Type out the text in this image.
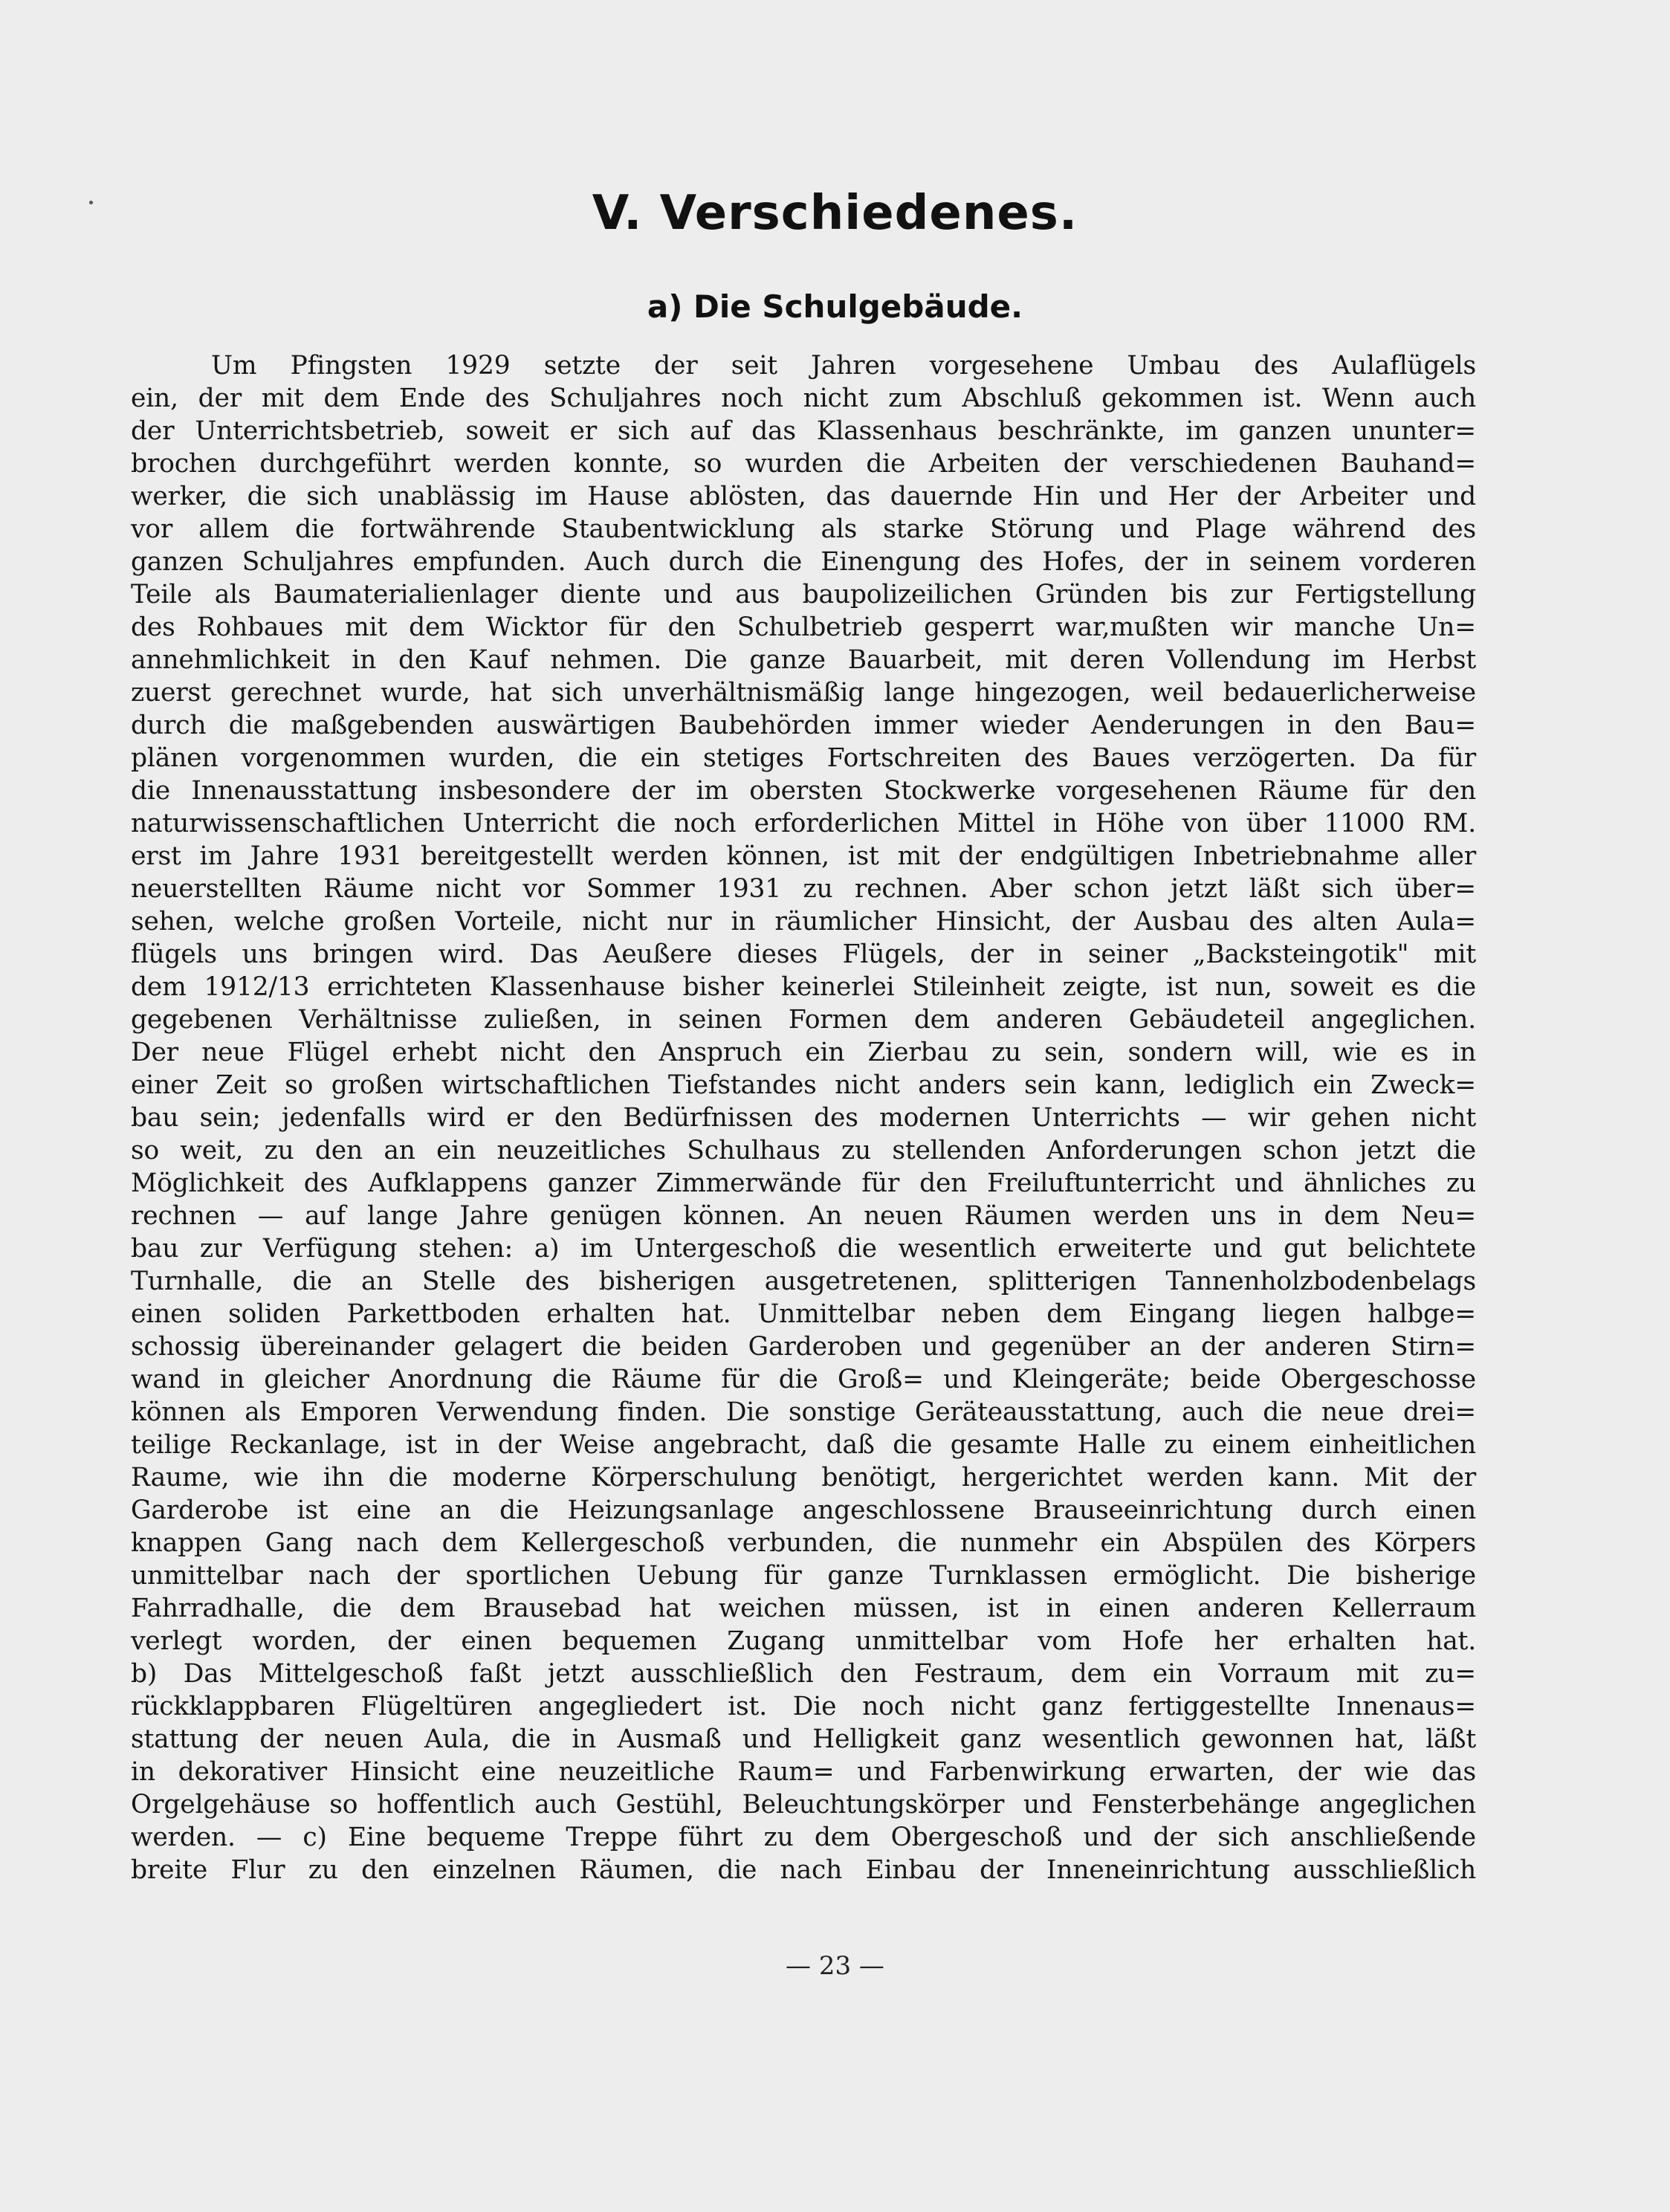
V. Verschiedenes.
a) Die Schulgebäude.
Um Pfingsten 1929 setzte der seit Jahren vorgesehene Umbau des Aulaflügels
ein, der mit dem Ende des Schuljahres noch nicht zum Abschluß gekommen ist. Wenn auch
der Unterrichtsbetrieb, soweit er sich auf das Klassenhaus beschränkte, im ganzen ununter=
brochen durchgeführt werden konnte, so wurden die Arbeiten der verschiedenen Bauhand=
werker, die sich unablässig im Hause ablösten, das dauernde Hin und Her der Arbeiter und
vor allem die fortwährende Staubentwicklung als starke Störung und Plage während des
ganzen Schuljahres empfunden. Auch durch die Einengung des Hofes, der in seinem vorderen
Teile als Baumaterialienlager diente und aus baupolizeilichen Gründen bis zur Fertigstellung
des Rohbaues mit dem Wicktor für den Schulbetrieb gesperrt war,mußten wir manche Un=
annehmlichkeit in den Kauf nehmen. Die ganze Bauarbeit, mit deren Vollendung im Herbst
zuerst gerechnet wurde, hat sich unverhältnismäßig lange hingezogen, weil bedauerlicherweise
durch die maßgebenden auswärtigen Baubehörden immer wieder Aenderungen in den Bau=
plänen vorgenommen wurden, die ein stetiges Fortschreiten des Baues verzögerten. Da für
die Innenausstattung insbesondere der im obersten Stockwerke vorgesehenen Räume für den
naturwissenschaftlichen Unterricht die noch erforderlichen Mittel in Höhe von über 11000 RM.
erst im Jahre 1931 bereitgestellt werden können, ist mit der endgültigen Inbetriebnahme aller
neuerstellten Räume nicht vor Sommer 1931 zu rechnen. Aber schon jetzt läßt sich über=
sehen, welche großen Vorteile, nicht nur in räumlicher Hinsicht, der Ausbau des alten Aula=
flügels uns bringen wird. Das Aeußere dieses Flügels, der in seiner „Backsteingotik" mit
dem 1912/13 errichteten Klassenhause bisher keinerlei Stileinheit zeigte, ist nun, soweit es die
gegebenen Verhältnisse zuließen, in seinen Formen dem anderen Gebäudeteil angeglichen.
Der neue Flügel erhebt nicht den Anspruch ein Zierbau zu sein, sondern will, wie es in
einer Zeit so großen wirtschaftlichen Tiefstandes nicht anders sein kann, lediglich ein Zweck=
bau sein; jedenfalls wird er den Bedürfnissen des modernen Unterrichts — wir gehen nicht
so weit, zu den an ein neuzeitliches Schulhaus zu stellenden Anforderungen schon jetzt die
Möglichkeit des Aufklappens ganzer Zimmerwände für den Freiluftunterricht und ähnliches zu
rechnen — auf lange Jahre genügen können. An neuen Räumen werden uns in dem Neu=
bau zur Verfügung stehen: a) im Untergeschoß die wesentlich erweiterte und gut belichtete
Turnhalle, die an Stelle des bisherigen ausgetretenen, splitterigen Tannenholzbodenbelags
einen soliden Parkettboden erhalten hat. Unmittelbar neben dem Eingang liegen halbge=
schossig übereinander gelagert die beiden Garderoben und gegenüber an der anderen Stirn=
wand in gleicher Anordnung die Räume für die Groß= und Kleingeräte; beide Obergeschosse
können als Emporen Verwendung finden. Die sonstige Geräteausstattung, auch die neue drei=
teilige Reckanlage, ist in der Weise angebracht, daß die gesamte Halle zu einem einheitlichen
Raume, wie ihn die moderne Körperschulung benötigt, hergerichtet werden kann. Mit der
Garderobe ist eine an die Heizungsanlage angeschlossene Brauseeinrichtung durch einen
knappen Gang nach dem Kellergeschoß verbunden, die nunmehr ein Abspülen des Körpers
unmittelbar nach der sportlichen Uebung für ganze Turnklassen ermöglicht. Die bisherige
Fahrradhalle, die dem Brausebad hat weichen müssen, ist in einen anderen Kellerraum
verlegt worden, der einen bequemen Zugang unmittelbar vom Hofe her erhalten hat.
b) Das Mittelgeschoß faßt jetzt ausschließlich den Festraum, dem ein Vorraum mit zu=
rückklappbaren Flügeltüren angegliedert ist. Die noch nicht ganz fertiggestellte Innenaus=
stattung der neuen Aula, die in Ausmaß und Helligkeit ganz wesentlich gewonnen hat, läßt
in dekorativer Hinsicht eine neuzeitliche Raum= und Farbenwirkung erwarten, der wie das
Orgelgehäuse so hoffentlich auch Gestühl, Beleuchtungskörper und Fensterbehänge angeglichen
werden. — c) Eine bequeme Treppe führt zu dem Obergeschoß und der sich anschließende
breite Flur zu den einzelnen Räumen, die nach Einbau der Inneneinrichtung ausschließlich
— 23 —
